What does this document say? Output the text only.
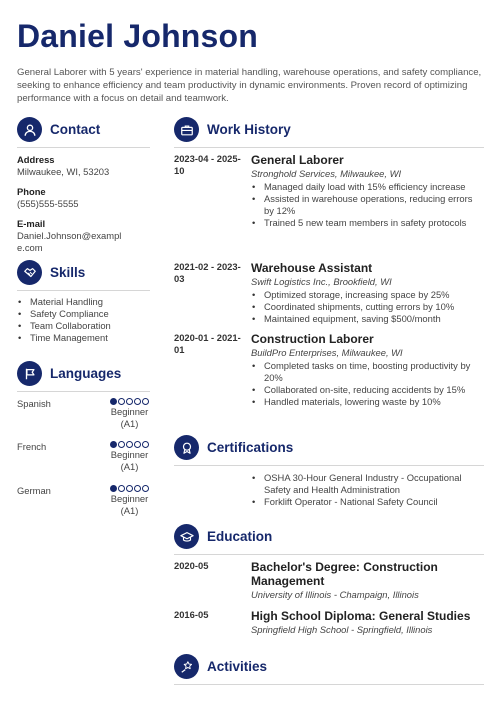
Daniel Johnson
General Laborer with 5 years' experience in material handling, warehouse operations, and safety compliance, seeking to enhance efficiency and team productivity in dynamic environments. Proven record of optimizing performance with a focus on detail and teamwork.
Contact
Address
Milwaukee, WI, 53203
Phone
(555)555-5555
E-mail
Daniel.Johnson@example.com
Skills
• Material Handling
• Safety Compliance
• Team Collaboration
• Time Management
Languages
Spanish
Beginner (A1)
French
Beginner (A1)
German
Beginner (A1)
Work History
2023-04 - 2025-10
General Laborer
Stronghold Services, Milwaukee, WI
• Managed daily load with 15% efficiency increase
• Assisted in warehouse operations, reducing errors by 12%
• Trained 5 new team members in safety protocols
2021-02 - 2023-03
Warehouse Assistant
Swift Logistics Inc., Brookfield, WI
• Optimized storage, increasing space by 25%
• Coordinated shipments, cutting errors by 10%
• Maintained equipment, saving $500/month
2020-01 - 2021-01
Construction Laborer
BuildPro Enterprises, Milwaukee, WI
• Completed tasks on time, boosting productivity by 20%
• Collaborated on-site, reducing accidents by 15%
• Handled materials, lowering waste by 10%
Certifications
• OSHA 30-Hour General Industry - Occupational Safety and Health Administration
• Forklift Operator - National Safety Council
Education
2020-05	Bachelor's Degree: Construction Management
University of Illinois - Champaign, Illinois
2016-05	High School Diploma: General Studies
Springfield High School - Springfield, Illinois
Activities
